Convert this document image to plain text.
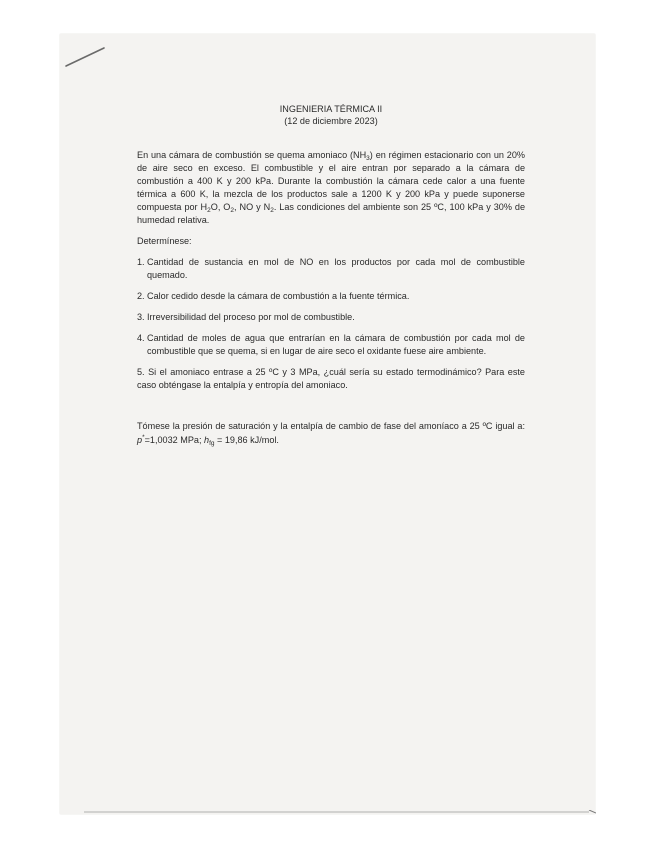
INGENIERIA TÉRMICA II
(12 de diciembre 2023)

En una cámara de combustión se quema amoniaco $(NH_3)$ en régimen estacionario con un 20% de aire seco en exceso. El combustible y el aire entran por separado a la cámara de combustión a 400 K y 200 kPa. Durante la combustión la cámara cede calor a una fuente térmica a 600 K, la mezcla de los productos sale a 1200 K y 200 kPa y puede suponerse compuesta por $H_2O$, $O_2$, NO y $N_2$. Las condiciones del ambiente son 25 ºC, 100 kPa y 30% de humedad relativa.

Determínese:

1. Cantidad de sustancia en mol de NO en los productos por cada mol de combustible quemado.
2. Calor cedido desde la cámara de combustión a la fuente térmica.
3. Irreversibilidad del proceso por mol de combustible.
4. Cantidad de moles de agua que entrarían en la cámara de combustión por cada mol de combustible que se quema, si en lugar de aire seco el oxidante fuese aire ambiente.

5. Si el amoniaco entrase a 25 ºC y 3 MPa, ¿cuál sería su estado termodinámico? Para este caso obténgase la entalpía y entropía del amoniaco.

Tómese la presión de saturación y la entalpía de cambio de fase del amoníaco a 25 ºC igual a: p*=1,0032 MPa; $h_{fg} = 19,86$ kJ/mol.
